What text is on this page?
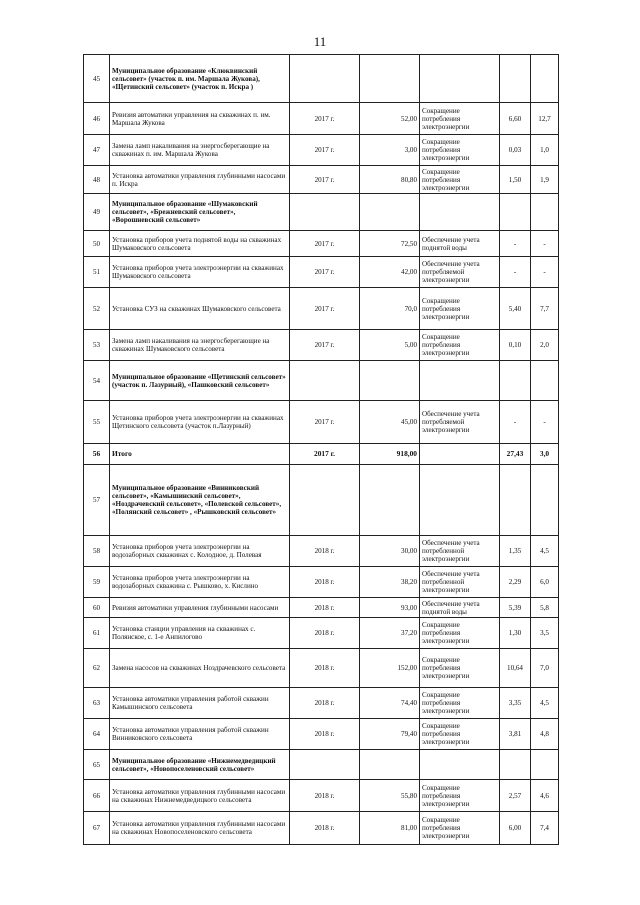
11
45	Муниципальное образование «Клюквинский сельсовет» (участок п. им. Маршала Жукова), «Щетинский сельсовет» (участок п. Искра )					
46	Ревизия автоматики управления на скважинах п. им. Маршала Жукова	2017 г.	52,00	Сокращение потребления электроэнергии	6,60	12,7
47	Замена ламп накаливания на энергосберегающие на скважинах п. им. Маршала Жукова	2017 г.	3,00	Сокращение потребления электроэнергии	0,03	1,0
48	Установка автоматики управления глубинными насосами п. Искра	2017 г.	80,80	Сокращение потребления электроэнергии	1,50	1,9
49	Муниципальное образование «Шумаковский сельсовет», «Брежневский сельсовет», «Ворошневский сельсовет»					
50	Установка приборов учета поднятой воды на скважинах Шумаковского сельсовета	2017 г.	72,50	Обеспечение учета поднятой воды	-	-
51	Установка приборов учета электроэнергии на скважинах Шумаковского сельсовета	2017 г.	42,00	Обеспечение учета потребляемой электроэнергии	-	-
52	Установка СУЗ на скважинах Шумаковского сельсовета	2017 г.	70,0	Сокращение потребления электроэнергии	5,40	7,7
53	Замена ламп накаливания на энергосберегающие на скважинах Шумаковского сельсовета	2017 г.	5,00	Сокращение потребления электроэнергии	0,10	2,0
54	Муниципальное образование «Щетинский сельсовет» (участок п. Лазурный), «Пашковский сельсовет»					
55	Установка приборов учета электроэнергии на скважинах Щетинского сельсовета (участок п.Лазурный)	2017 г.	45,00	Обеспечение учета потребляемой электроэнергии	-	-
56	Итого	2017 г.	918,00		27,43	3,0
57	Муниципальное образование «Винниковский сельсовет», «Камышинский сельсовет», «Ноздрачевский сельсовет», «Полевской сельсовет», «Полянский сельсовет» , «Рышковский сельсовет»					
58	Установка приборов учета электроэнергии на водозаборных скважинах с. Колодное, д. Полевая	2018 г.	30,00	Обеспечение учета потребленной электроэнергии	1,35	4,5
59	Установка приборов учета электроэнергии на водозаборных скважина с. Рышково, х. Кислино	2018 г.	38,20	Обеспечение учета потребленной электроэнергии	2,29	6,0
60	Ревизия автоматики управления глубинными насосами	2018 г.	93,00	Обеспечение учета поднятой воды	5,39	5,8
61	Установка станции управления на скважинах с. Полянское, с. 1-е Анпилогово	2018 г.	37,20	Сокращение потребления электроэнергии	1,30	3,5
62	Замена насосов на скважинах Ноздрачевского сельсовета	2018 г.	152,00	Сокращение потребления электроэнергии	10,64	7,0
63	Установка автоматики управления работой скважин Камышинского сельсовета	2018 г.	74,40	Сокращение потребления электроэнергии	3,35	4,5
64	Установка автоматики управления работой скважин Винниковского сельсовета	2018 г.	79,40	Сокращение потребления электроэнергии	3,81	4,8
65	Муниципальное образование «Нижнемедведицкий сельсовет», «Новопоселеновский сельсовет»					
66	Установка автоматики управления глубинными насосами на скважинах Нижнемедведицкого сельсовета	2018 г.	55,80	Сокращение потребления электроэнергии	2,57	4,6
67	Установка автоматики управления глубинными насосами на скважинах Новопоселеновского сельсовета	2018 г.	81,00	Сокращение потребления электроэнергии	6,00	7,4
